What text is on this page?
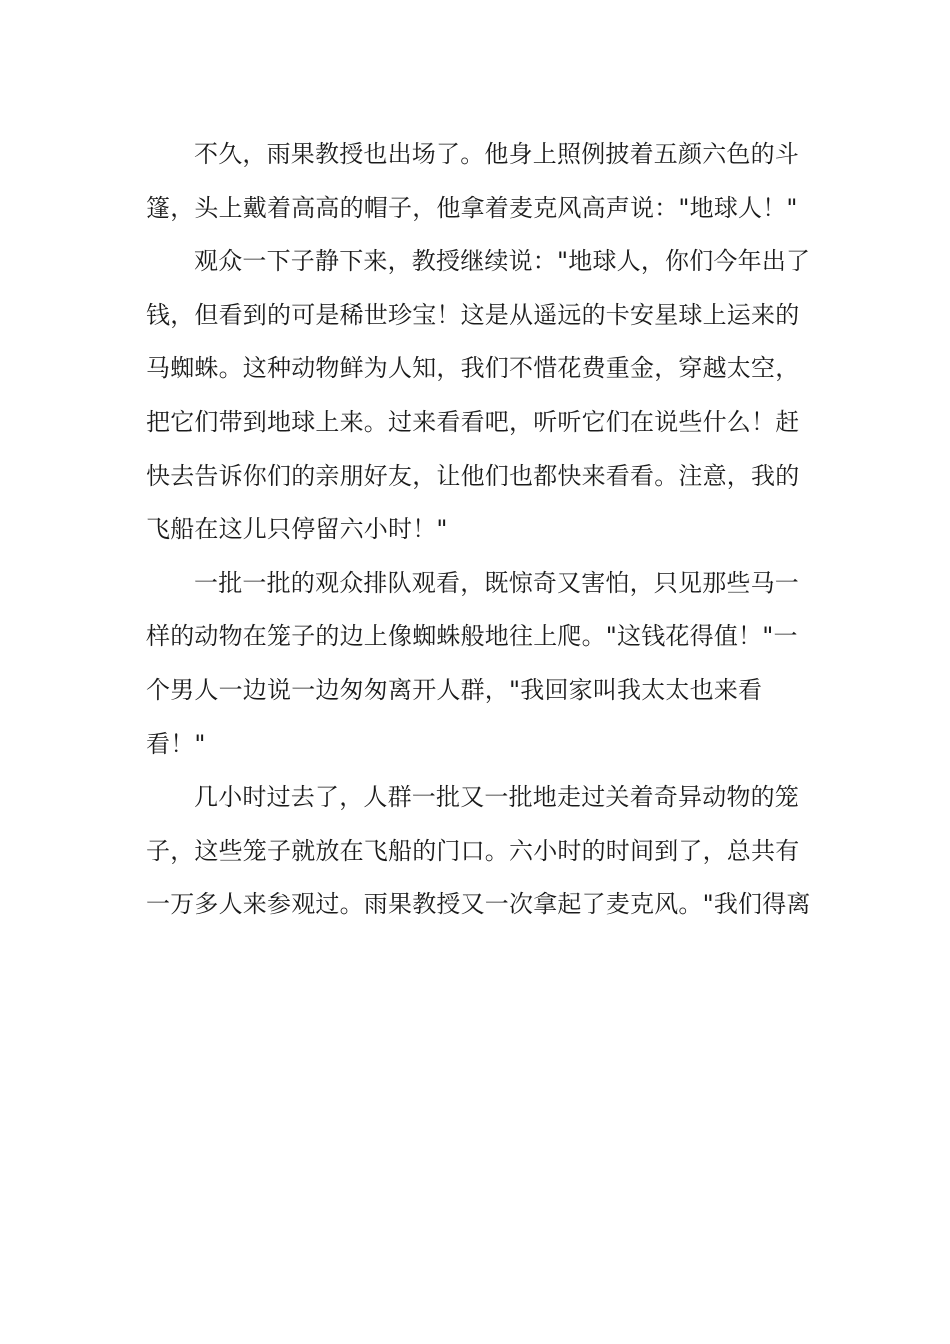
不久，雨果教授也出场了。他身上照例披着五颜六色的斗
篷，头上戴着高高的帽子，他拿着麦克风高声说："地球人！"
观众一下子静下来，教授继续说："地球人，你们今年出了
钱，但看到的可是稀世珍宝！这是从遥远的卡安星球上运来的
马蜘蛛。这种动物鲜为人知，我们不惜花费重金，穿越太空，
把它们带到地球上来。过来看看吧，听听它们在说些什么！赶
快去告诉你们的亲朋好友，让他们也都快来看看。注意，我的
飞船在这儿只停留六小时！"
一批一批的观众排队观看，既惊奇又害怕，只见那些马一
样的动物在笼子的边上像蜘蛛般地往上爬。"这钱花得值！"一
个男人一边说一边匆匆离开人群，"我回家叫我太太也来看
看！"
几小时过去了，人群一批又一批地走过关着奇异动物的笼
子，这些笼子就放在飞船的门口。六小时的时间到了，总共有
一万多人来参观过。雨果教授又一次拿起了麦克风。"我们得离
